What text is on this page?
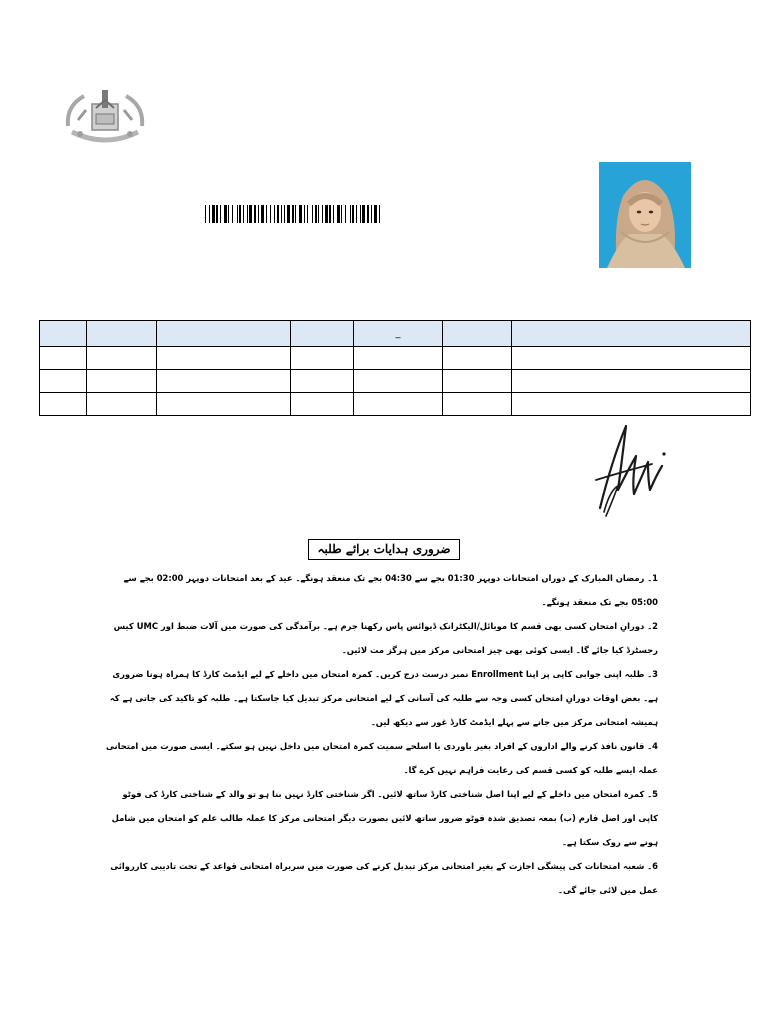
				_		

ضروری ہدایات برائے طلبہ
1۔ رمضان المبارک کے دوران امتحانات دوپہر 01:30 بجے سے 04:30 بجے تک منعقد ہونگے۔ عید کے بعد امتحانات دوپہر 02:00 بجے سے 05:00 بجے تک منعقد ہونگے۔
2۔ دورانِ امتحان کسی بھی قسم کا موبائل/الیکٹرانک ڈیوائس پاس رکھنا جرم ہے۔ برآمدگی کی صورت میں آلات ضبط اور UMC کیس رجسٹرڈ کیا جائے گا۔ ایسی کوئی بھی چیز امتحانی مرکز میں ہرگز مت لائیں۔
3۔ طلبہ اپنی جوابی کاپی پر اپنا Enrollment نمبر درست درج کریں۔ کمرہ امتحان میں داخلے کے لیے ایڈمٹ کارڈ کا ہمراہ ہونا ضروری ہے۔ بعض اوقات دورانِ امتحان کسی وجہ سے طلبہ کی آسانی کے لیے امتحانی مرکز تبدیل کیا جاسکتا ہے۔ طلبہ کو تاکید کی جاتی ہے کہ ہمیشہ امتحانی مرکز میں جانے سے پہلے ایڈمٹ کارڈ غور سے دیکھ لیں۔
4۔ قانون نافذ کرنے والے اداروں کے افراد بغیر باوردی یا اسلحے سمیت کمرہ امتحان میں داخل نہیں ہو سکتے۔ ایسی صورت میں امتحانی عملہ ایسے طلبہ کو کسی قسم کی رعایت فراہم نہیں کرے گا۔
5۔ کمرہ امتحان میں داخلے کے لیے اپنا اصل شناختی کارڈ ساتھ لائیں۔ اگر شناختی کارڈ نہیں بنا ہو تو والد کے شناختی کارڈ کی فوٹو کاپی اور اصل فارم (ب) بمعہ تصدیق شدہ فوٹو ضرور ساتھ لائیں بصورت دیگر امتحانی مرکز کا عملہ طالب علم کو امتحان میں شامل ہونے سے روک سکتا ہے۔
6۔ شعبہ امتحانات کی پیشگی اجازت کے بغیر امتحانی مرکز تبدیل کرنے کی صورت میں سربراہ امتحانی قواعد کے تحت تادیبی کارروائی عمل میں لائی جائے گی۔
